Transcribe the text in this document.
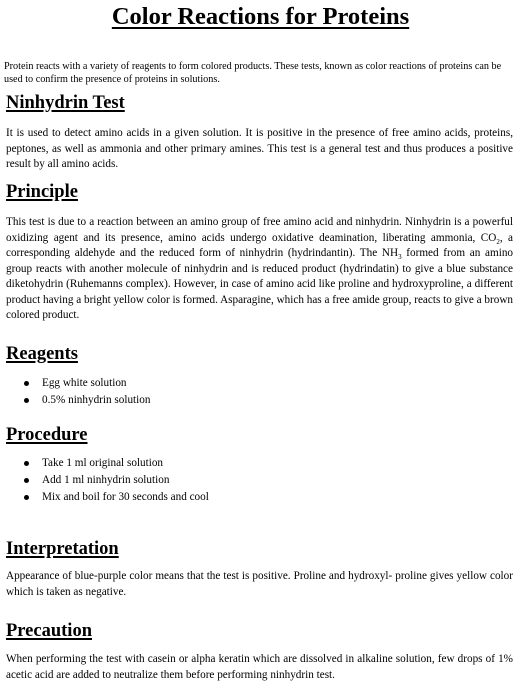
Color Reactions for Proteins

Protein reacts with a variety of reagents to form colored products. These tests, known as color reactions of proteins can be used to confirm the presence of proteins in solutions.

Ninhydrin Test

It is used to detect amino acids in a given solution. It is positive in the presence of free amino acids, proteins, peptones, as well as ammonia and other primary amines. This test is a general test and thus produces a positive result by all amino acids.

Principle

This test is due to a reaction between an amino group of free amino acid and ninhydrin. Ninhydrin is a powerful oxidizing agent and its presence, amino acids undergo oxidative deamination, liberating ammonia, $CO_2$, a corresponding aldehyde and the reduced form of ninhydrin (hydrindantin). The $NH_3$ formed from an amino group reacts with another molecule of ninhydrin and is reduced product (hydrindatin) to give a blue substance diketohydrin (Ruhemanns complex). However, in case of amino acid like proline and hydroxyproline, a different product having a bright yellow color is formed. Asparagine, which has a free amide group, reacts to give a brown colored product.

Reagents
Egg white solution
0.5% ninhydrin solution
Procedure
Take 1 ml original solution
Add 1 ml ninhydrin solution
Mix and boil for 30 seconds and cool
Interpretation

Appearance of blue-purple color means that the test is positive. Proline and hydroxyl- proline gives yellow color which is taken as negative.

Precaution

When performing the test with casein or alpha keratin which are dissolved in alkaline solution, few drops of 1% acetic acid are added to neutralize them before performing ninhydrin test.
